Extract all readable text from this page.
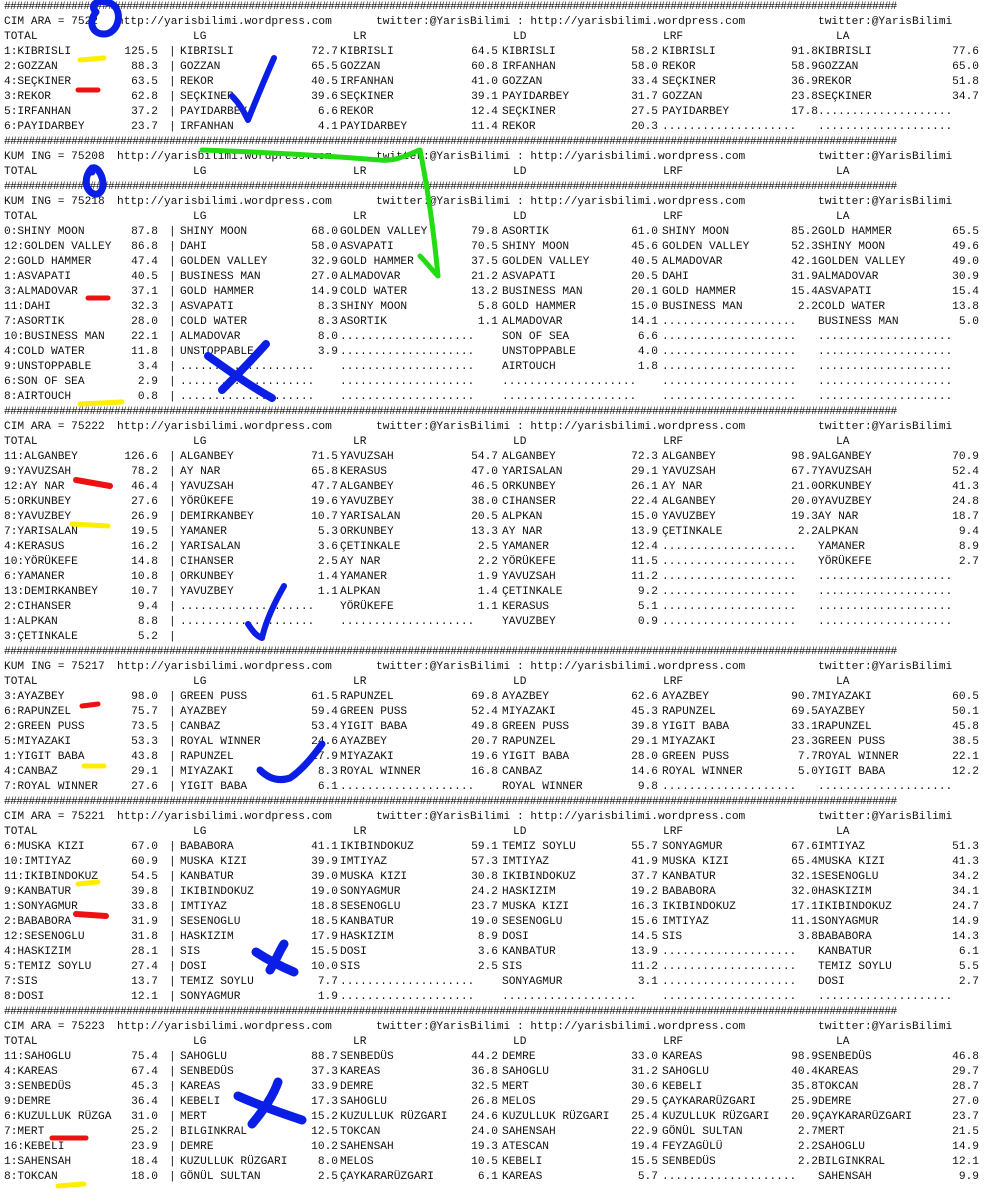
##################################################################################################################################################
CIM ARA = 7522 http://yarisbilimi.wordpress.com	twitter:@YarisBilimi : http://yarisbilimi.wordpress.com	twitter:@YarisBilimi
TOTAL	LG	LR	LD	LRF	LA
1:KIBRISLI	125.5 KIBRISLI	72.7 KIBRISLI	64.5 KIBRISLI	58.2 KIBRISLI	91.8 KIBRISLI	77.6
|
2:GOZZAN	88.3 GOZZAN	65.5 GOZZAN	60.8 IRFANHAN	58.0 REKOR	58.9 GOZZAN	65.0
|
4:SEÇKINER	63.5 REKOR	40.5 IRFANHAN	41.0 GOZZAN	33.4 SEÇKINER	36.9 REKOR	51.8
|
3:REKOR	62.8 SEÇKINER	39.6 SEÇKINER	39.1 PAYIDARBEY	31.7 GOZZAN	23.8 SEÇKINER	34.7
|
5:IRFANHAN	37.2 PAYIDARBEY	6.6 REKOR	12.4 SEÇKINER	27.5 PAYIDARBEY	17.8 ....................
|
6:PAYIDARBEY	23.7 IRFANHAN	4.1 PAYIDARBEY	11.4 REKOR	20.3 .................... ....................
|
##################################################################################################################################################
KUM ING = 75208 http://yarisbilimi.wordpress.com	twitter:@YarisBilimi : http://yarisbilimi.wordpress.com	twitter:@YarisBilimi
TOTAL	LG	LR	LD	LRF	LA
##################################################################################################################################################
KUM ING = 75218 http://yarisbilimi.wordpress.com	twitter:@YarisBilimi : http://yarisbilimi.wordpress.com	twitter:@YarisBilimi
TOTAL	LG	LR	LD	LRF	LA
0:SHINY MOON	87.8 SHINY MOON	68.0 GOLDEN VALLEY	79.8 ASORTIK	61.0 SHINY MOON	85.2 GOLD HAMMER	65.5
|
12:GOLDEN VALLEY 86.8 DAHI	58.0 ASVAPATI	70.5 SHINY MOON	45.6 GOLDEN VALLEY	52.3 SHINY MOON	49.6
|
2:GOLD HAMMER	47.4 GOLDEN VALLEY	32.9 GOLD HAMMER	37.5 GOLDEN VALLEY	40.5 ALMADOVAR	42.1 GOLDEN VALLEY	49.0
|
1:ASVAPATI	40.5 BUSINESS MAN	27.0 ALMADOVAR	21.2 ASVAPATI	20.5 DAHI	31.9 ALMADOVAR	30.9
|
3:ALMADOVAR	37.1 GOLD HAMMER	14.9 COLD WATER	13.2 BUSINESS MAN	20.1 GOLD HAMMER	15.4 ASVAPATI	15.4
|
11:DAHI	32.3 ASVAPATI	8.3 SHINY MOON	5.8 GOLD HAMMER	15.0 BUSINESS MAN	2.2 COLD WATER	13.8
|
7:ASORTIK	28.0 COLD WATER	8.3 ASORTIK	1.1 ALMADOVAR	14.1 .................... BUSINESS MAN	5.0
|
10:BUSINESS MAN 22.1 ALMADOVAR	8.0 .................... SON OF SEA	6.6 .................... ....................
|
4:COLD WATER	11.8 UNSTOPPABLE	3.9 .................... UNSTOPPABLE	4.0 .................... ....................
|
9:UNSTOPPABLE	3.4 .................... .................... AIRTOUCH	1.8 .................... ....................
|
6:SON OF SEA	2.9 .................... .................... .................... .................... ....................
|
8:AIRTOUCH	0.8 .................... .................... .................... .................... ....................
|
##################################################################################################################################################
CIM ARA = 75222 http://yarisbilimi.wordpress.com	twitter:@YarisBilimi : http://yarisbilimi.wordpress.com	twitter:@YarisBilimi
TOTAL	LG	LR	LD	LRF	LA
11:ALGANBEY	126.6 ALGANBEY	71.5 YAVUZSAH	54.7 ALGANBEY	72.3 ALGANBEY	98.9 ALGANBEY	70.9
|
9:YAVUZSAH	78.2 AY NAR	65.8 KERASUS	47.0 YARISALAN	29.1 YAVUZSAH	67.7 YAVUZSAH	52.4
|
12:AY NAR	46.4 YAVUZSAH	47.7 ALGANBEY	46.5 ORKUNBEY	26.1 AY NAR	21.0 ORKUNBEY	41.3
|
5:ORKUNBEY	27.6 YÖRÜKEFE	19.6 YAVUZBEY	38.0 CIHANSER	22.4 ALGANBEY	20.0 YAVUZBEY	24.8
|
8:YAVUZBEY	26.9 DEMIRKANBEY	10.7 YARISALAN	20.5 ALPKAN	15.0 YAVUZBEY	19.3 AY NAR	18.7
|
7:YARISALAN	19.5 YAMANER	5.3 ORKUNBEY	13.3 AY NAR	13.9 ÇETINKALE	2.2 ALPKAN	9.4
|
4:KERASUS	16.2 YARISALAN	3.6 ÇETINKALE	2.5 YAMANER	12.4 .................... YAMANER	8.9
|
10:YÖRÜKEFE	14.8 CIHANSER	2.5 AY NAR	2.2 YÖRÜKEFE	11.5 .................... YÖRÜKEFE	2.7
|
6:YAMANER	10.8 ORKUNBEY	1.4 YAMANER	1.9 YAVUZSAH	11.2 .................... ....................
|
13:DEMIRKANBEY	10.7 YAVUZBEY	1.1 ALPKAN	1.4 ÇETINKALE	9.2 .................... ....................
|
2:CIHANSER	9.4 .................... YÖRÜKEFE	1.1 KERASUS	5.1 .................... ....................
|
1:ALPKAN	8.8 .................... .................... YAVUZBEY	0.9 .................... ....................
|
3:ÇETINKALE	5.2 |
##################################################################################################################################################
KUM ING = 75217 http://yarisbilimi.wordpress.com	twitter:@YarisBilimi : http://yarisbilimi.wordpress.com	twitter:@YarisBilimi
TOTAL	LG	LR	LD	LRF	LA
3:AYAZBEY	98.0 GREEN PUSS	61.5 RAPUNZEL	69.8 AYAZBEY	62.6 AYAZBEY	90.7 MIYAZAKI	60.5
|
6:RAPUNZEL	75.7 AYAZBEY	59.4 GREEN PUSS	52.4 MIYAZAKI	45.3 RAPUNZEL	69.5 AYAZBEY	50.1
|
2:GREEN PUSS	73.5 CANBAZ	53.4 YIGIT BABA	49.8 GREEN PUSS	39.8 YIGIT BABA	33.1 RAPUNZEL	45.8
|
5:MIYAZAKI	53.3 ROYAL WINNER	24.6 AYAZBEY	20.7 RAPUNZEL	29.1 MIYAZAKI	23.3 GREEN PUSS	38.5
|
1:YIGIT BABA	43.8 RAPUNZEL	17.9 MIYAZAKI	19.6 YIGIT BABA	28.0 GREEN PUSS	7.7 ROYAL WINNER	22.1
|
4:CANBAZ	29.1 MIYAZAKI	8.3 ROYAL WINNER	16.8 CANBAZ	14.6 ROYAL WINNER	5.0 YIGIT BABA	12.2
|
7:ROYAL WINNER	27.6 YIGIT BABA	6.1 .................... ROYAL WINNER	9.8 .................... ....................
|
##################################################################################################################################################
CIM ARA = 75221 http://yarisbilimi.wordpress.com	twitter:@YarisBilimi : http://yarisbilimi.wordpress.com	twitter:@YarisBilimi
TOTAL	LG	LR	LD	LRF	LA
6:MUSKA KIZI	67.0 BABABORA	41.1 IKIBINDOKUZ	59.1 TEMIZ SOYLU	55.7 SONYAGMUR	67.6 IMTIYAZ	51.3
|
10:IMTIYAZ	60.9 MUSKA KIZI	39.9 IMTIYAZ	57.3 IMTIYAZ	41.9 MUSKA KIZI	65.4 MUSKA KIZI	41.3
|
11:IKIBINDOKUZ	54.5 KANBATUR	39.0 MUSKA KIZI	30.8 IKIBINDOKUZ	37.7 KANBATUR	32.1 SESENOGLU	34.2
|
9:KANBATUR	39.8 IKIBINDOKUZ	19.0 SONYAGMUR	24.2 HASKIZIM	19.2 BABABORA	32.0 HASKIZIM	34.1
|
1:SONYAGMUR	33.8 IMTIYAZ	18.8 SESENOGLU	23.7 MUSKA KIZI	16.3 IKIBINDOKUZ	17.1 IKIBINDOKUZ	24.7
|
2:BABABORA	31.9 SESENOGLU	18.5 KANBATUR	19.0 SESENOGLU	15.6 IMTIYAZ	11.1 SONYAGMUR	14.9
|
12:SESENOGLU	31.8 HASKIZIM	17.9 HASKIZIM	8.9 DOSI	14.5 SIS	3.8 BABABORA	14.3
|
4:HASKIZIM	28.1 SIS	15.5 DOSI	3.6 KANBATUR	13.9 .................... KANBATUR	6.1
|
5:TEMIZ SOYLU	27.4 DOSI	10.0 SIS	2.5 SIS	11.2 .................... TEMIZ SOYLU	5.5
|
7:SIS	13.7 TEMIZ SOYLU	7.7 .................... SONYAGMUR	3.1 .................... DOSI	2.7
|
8:DOSI	12.1 SONYAGMUR	1.9 .................... .................... .................... ....................
|
##################################################################################################################################################
CIM ARA = 75223 http://yarisbilimi.wordpress.com	twitter:@YarisBilimi : http://yarisbilimi.wordpress.com	twitter:@YarisBilimi
TOTAL	LG	LR	LD	LRF	LA
11:SAHOGLU	75.4 SAHOGLU	88.7 SENBEDÜS	44.2 DEMRE	33.0 KAREAS	98.9 SENBEDÜS	46.8
|
4:KAREAS	67.4 SENBEDÜS	37.3 KAREAS	36.8 SAHOGLU	31.2 SAHOGLU	40.4 KAREAS	29.7
|
3:SENBEDÜS	45.3 KAREAS	33.9 DEMRE	32.5 MERT	30.6 KEBELI	35.8 TOKCAN	28.7
|
9:DEMRE	36.4 KEBELI	17.3 SAHOGLU	26.8 MELOS	29.5 ÇAYKARARÜZGARI	25.9 DEMRE	27.0
|
6:KUZULLUK RÜZGA 31.0 MERT	15.2 KUZULLUK RÜZGARI 24.6 KUZULLUK RÜZGARI 25.4 KUZULLUK RÜZGARI 20.9 ÇAYKARARÜZGARI	23.7
|
7:MERT	25.2 BILGINKRAL	12.5 TOKCAN	24.0 SAHENSAH	22.9 GÖNÜL SULTAN	2.7 MERT	21.5
|
16:KEBELI	23.9 DEMRE	10.2 SAHENSAH	19.3 ATESCAN	19.4 FEYZAGÜLÜ	2.2 SAHOGLU	14.9
|
1:SAHENSAH	18.4 KUZULLUK RÜZGARI	8.0 MELOS	10.5 KEBELI	15.5 SENBEDÜS	2.2 BILGINKRAL	12.1
|
8:TOKCAN	18.0 GÖNÜL SULTAN	2.5 ÇAYKARARÜZGARI	6.1 KAREAS	5.7 .................... SAHENSAH	9.9
|
